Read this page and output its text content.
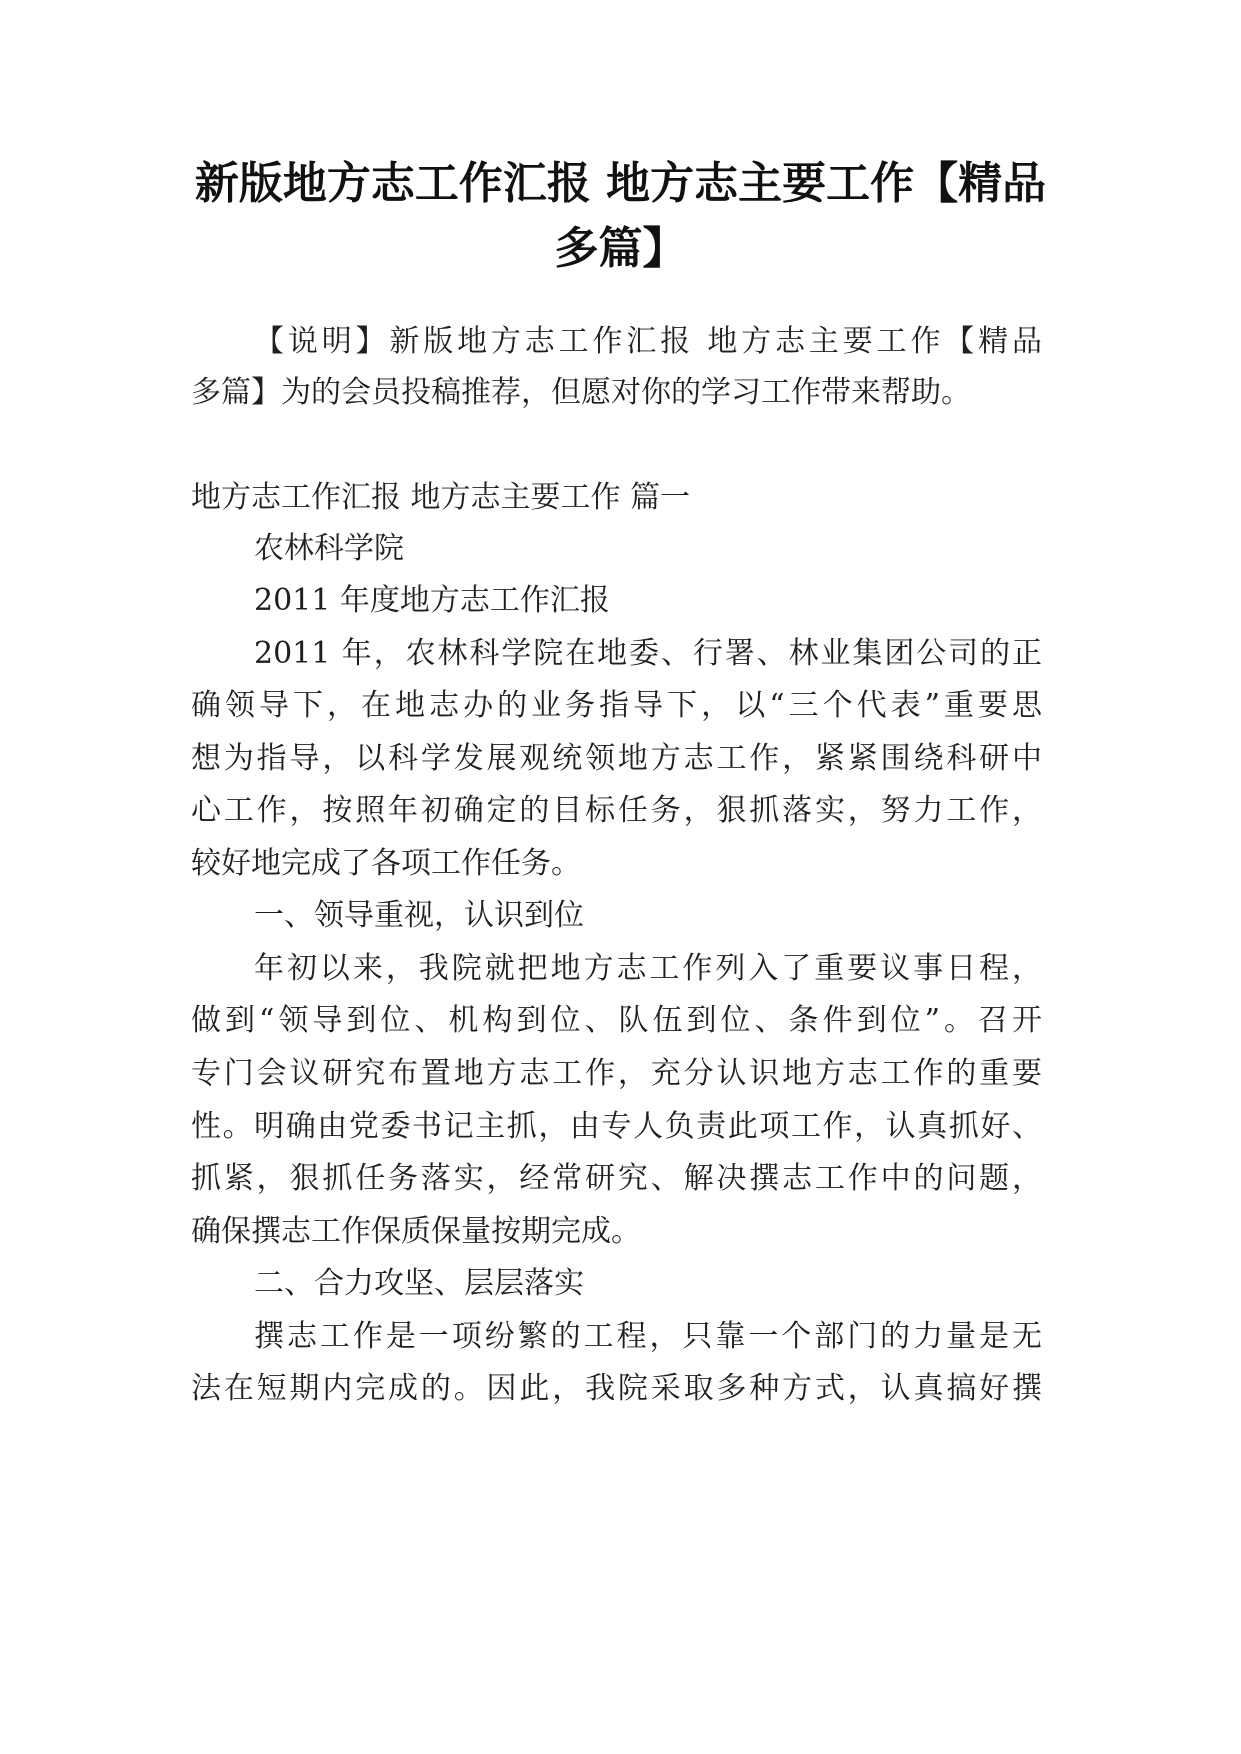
新版地方志工作汇报 地方志主要工作【精品
多篇】

【说明】新版地方志工作汇报 地方志主要工作【精品

多篇】为的会员投稿推荐，但愿对你的学习工作带来帮助。

地方志工作汇报 地方志主要工作 篇一

农林科学院

2011 年度地方志工作汇报

2011 年，农林科学院在地委、行署、林业集团公司的正

确领导下，在地志办的业务指导下，以“三个代表”重要思

想为指导，以科学发展观统领地方志工作，紧紧围绕科研中

心工作，按照年初确定的目标任务，狠抓落实，努力工作，

较好地完成了各项工作任务。

一、领导重视，认识到位

年初以来，我院就把地方志工作列入了重要议事日程，

做到“领导到位、机构到位、队伍到位、条件到位”。召开

专门会议研究布置地方志工作，充分认识地方志工作的重要

性。明确由党委书记主抓，由专人负责此项工作，认真抓好、

抓紧，狠抓任务落实，经常研究、解决撰志工作中的问题，

确保撰志工作保质保量按期完成。

二、合力攻坚、层层落实

撰志工作是一项纷繁的工程，只靠一个部门的力量是无

法在短期内完成的。因此，我院采取多种方式，认真搞好撰
